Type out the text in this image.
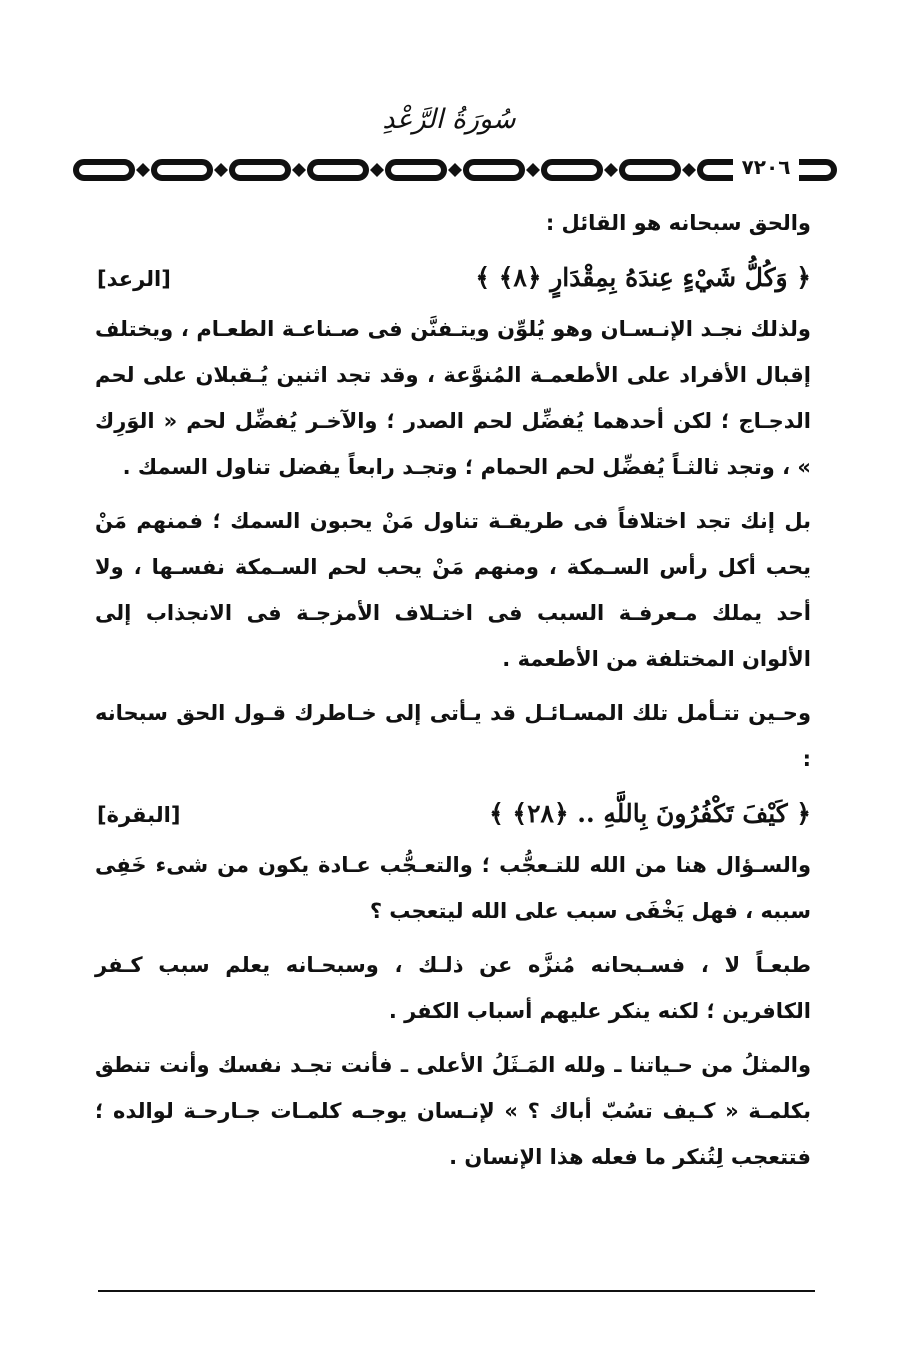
سُورَةُ الرَّعْدِ
٧٢٠٦

والحق سبحانه هو القائل :

﴿ وَكُلُّ شَيْءٍ عِندَهُ بِمِقْدَارٍ ﴿٨﴾ ﴾
[الرعد]

ولذلك نجـد الإنـسـان وهو يُلوِّن ويتـفنَّن فى صـناعـة الطعـام ، ويختلف إقبال الأفراد على الأطعمـة المُنوَّعة ، وقد تجد اثنين يُـقبلان على لحم الدجـاج ؛ لكن أحدهما يُفضِّل لحم الصدر ؛ والآخـر يُفضِّل لحم « الوَرِك » ، وتجد ثالثـاً يُفضِّل لحم الحمام ؛ وتجـد رابعاً يفضل تناول السمك .

بل إنك تجد اختلافاً فى طريقـة تناول مَنْ يحبون السمك ؛ فمنهم مَنْ يحب أكل رأس السـمكة ، ومنهم مَنْ يحب لحم السـمكة نفسـها ، ولا أحد يملك مـعرفـة السبب فى اختـلاف الأمزجـة فى الانجذاب إلى الألوان المختلفة من الأطعمة .

وحـين تتـأمل تلك المسـائـل قد يـأتى إلى خـاطرك قـول الحق سبحانه :

﴿ كَيْفَ تَكْفُرُونَ بِاللَّهِ .. ﴿٢٨﴾ ﴾
[البقرة]

والسـؤال هنا من الله للتـعجُّب ؛ والتعـجُّب عـادة يكون من شىء خَفِى سببه ، فهل يَخْفَى سبب على الله ليتعجب ؟

طبعـاً لا ، فسـبحانه مُنزَّه عن ذلـك ، وسبحـانه يعلم سبب كـفر الكافرين ؛ لكنه ينكر عليهم أسباب الكفر .

والمثلُ من حـياتنا ـ ولله المَـثَلُ الأعلى ـ فأنت تجـد نفسك وأنت تنطق بكلمـة « كـيف تسُبّ أباك ؟ » لإنـسان يوجـه كلمـات جـارحـة لوالده ؛ فتتعجب لِتُنكر ما فعله هذا الإنسان .
